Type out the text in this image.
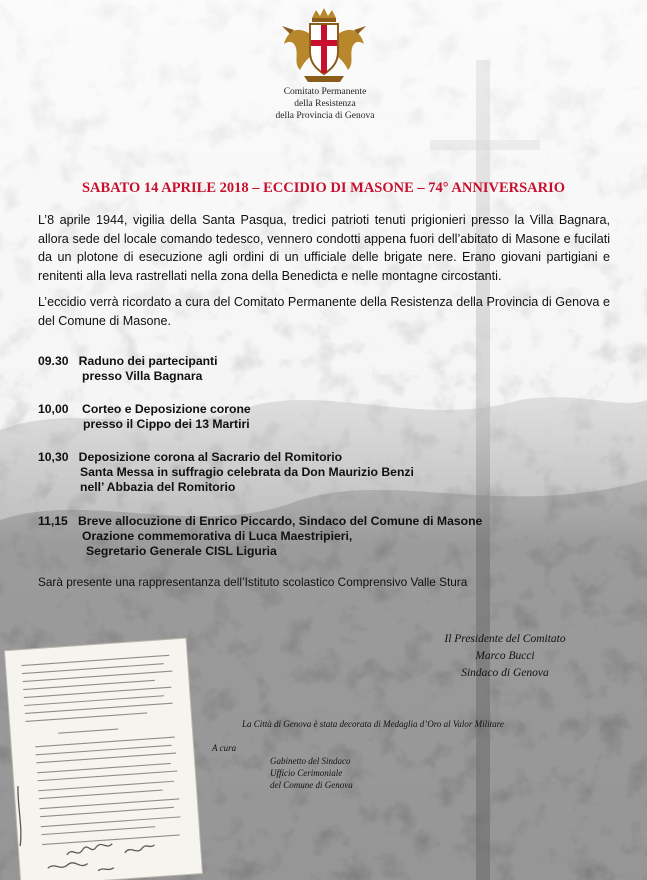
Comitato Permanente
della Resistenza
della Provincia di Genova
SABATO 14 APRILE 2018 – ECCIDIO DI MASONE – 74° ANNIVERSARIO
L’8 aprile 1944, vigilia della Santa Pasqua, tredici patrioti tenuti prigionieri presso la Villa Bagnara, allora sede del locale comando tedesco, vennero condotti appena fuori dell’abitato di Masone e fucilati da un plotone di esecuzione agli ordini di un ufficiale delle brigate nere. Erano giovani partigiani e renitenti alla leva rastrellati nella zona della Benedicta e nelle montagne circostanti.
L’eccidio verrà ricordato a cura del Comitato Permanente della Resistenza della Provincia di Genova e del Comune di Masone.
09.30 Raduno dei partecipanti
presso Villa Bagnara
10,00 Corteo e Deposizione corone
presso il Cippo dei 13 Martiri
10,30 Deposizione corona al Sacrario del Romitorio
Santa Messa in suffragio celebrata da Don Maurizio Benzi
nell’ Abbazia del Romitorio
11,15 Breve allocuzione di Enrico Piccardo, Sindaco del Comune di Masone
Orazione commemorativa di Luca Maestripieri,
Segretario Generale CISL Liguria
Sarà presente una rappresentanza dell’Istituto scolastico Comprensivo Valle Stura
Il Presidente del Comitato
Marco Bucci
Sindaco di Genova
La Città di Genova è stata decorata di Medaglia d’Oro al Valor Militare
A cura
Gabinetto del Sindaco
Ufficio Cerimoniale
del Comune di Genova
